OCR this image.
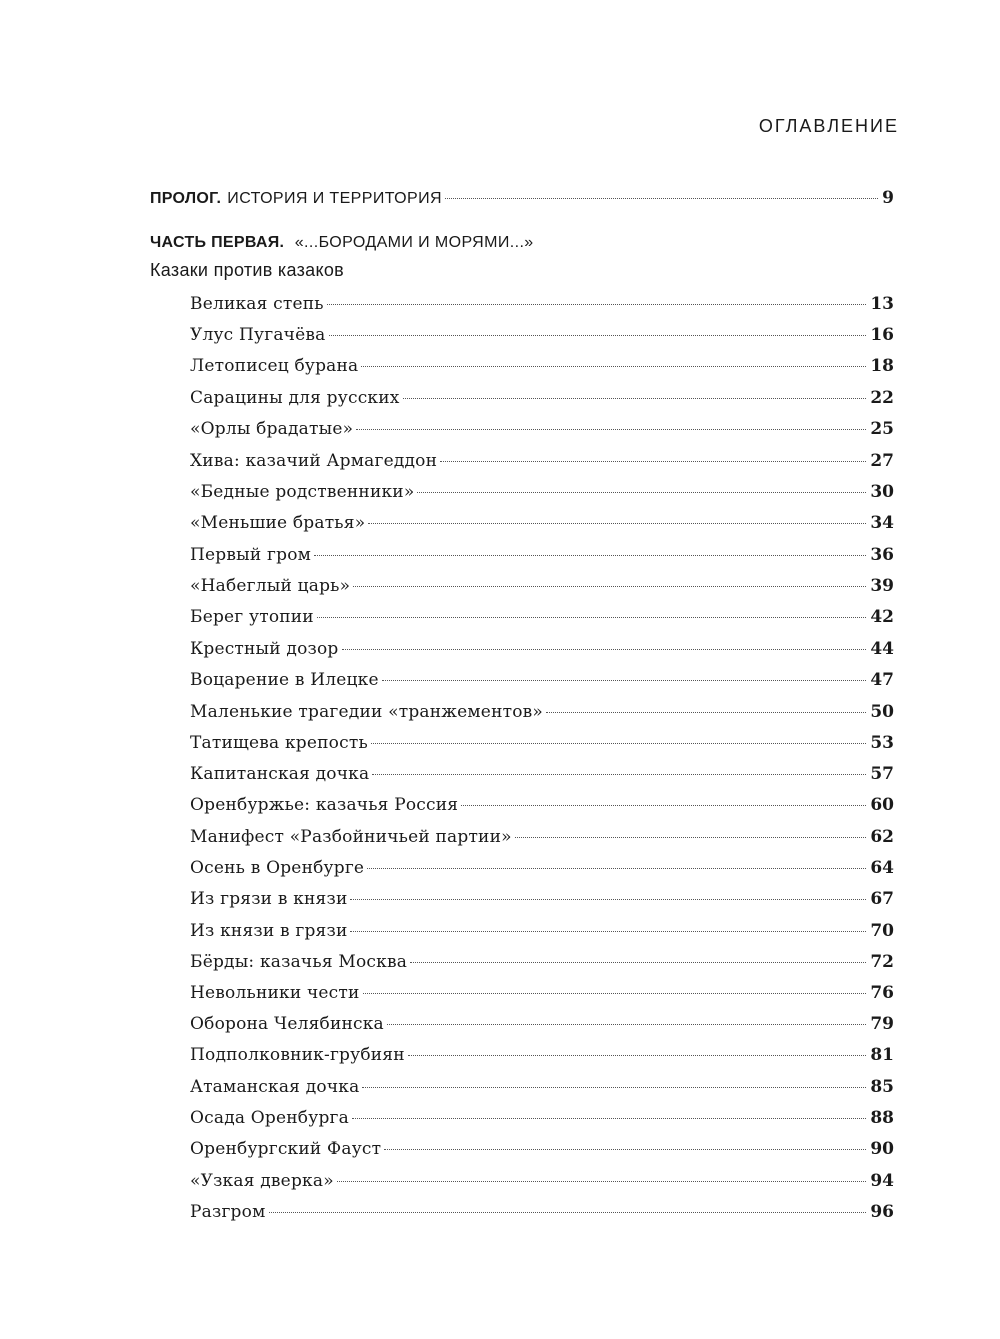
ОГЛАВЛЕНИЕ
ПРОЛОГ. ИСТОРИЯ И ТЕРРИТОРИЯ	9
ЧАСТЬ ПЕРВАЯ. «...БОРОДАМИ И МОРЯМИ...»
Казаки против казаков
Великая степь	13
Улус Пугачёва	16
Летописец бурана	18
Сарацины для русских	22
«Орлы брадатые»	25
Хива: казачий Армагеддон	27
«Бедные родственники»	30
«Меньшие братья»	34
Первый гром	36
«Набеглый царь»	39
Берег утопии	42
Крестный дозор	44
Воцарение в Илецке	47
Маленькие трагедии «транжементов»	50
Татищева крепость	53
Капитанская дочка	57
Оренбуржье: казачья Россия	60
Манифест «Разбойничьей партии»	62
Осень в Оренбурге	64
Из грязи в князи	67
Из князи в грязи	70
Бёрды: казачья Москва	72
Невольники чести	76
Оборона Челябинска	79
Подполковник-грубиян	81
Атаманская дочка	85
Осада Оренбурга	88
Оренбургский Фауст	90
«Узкая дверка»	94
Разгром	96
